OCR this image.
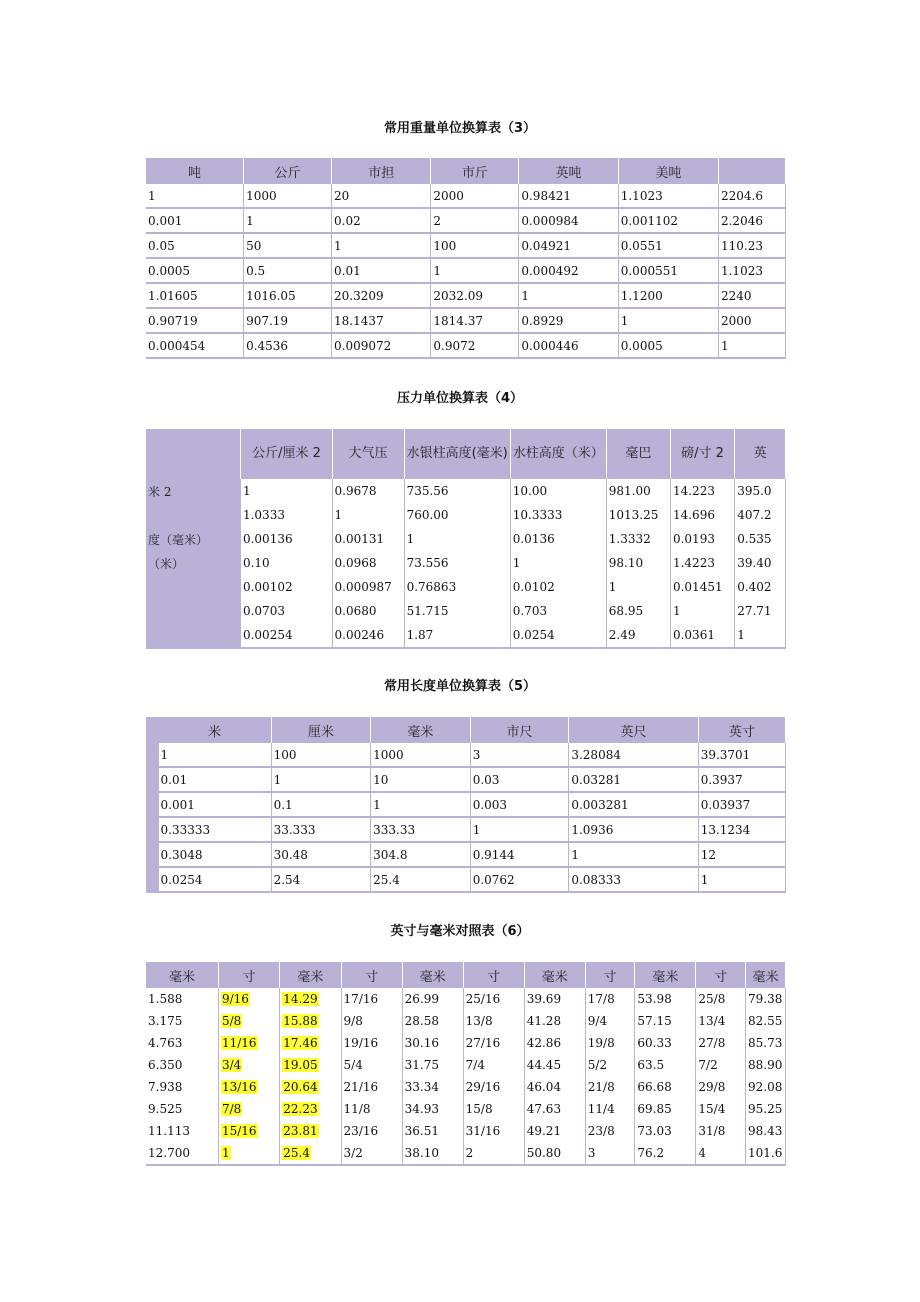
常用重量单位换算表（3）
吨	公斤	市担	市斤	英吨	美吨	
1	1000	20	2000	0.98421	1.1023	2204.6
0.001	1	0.02	2	0.000984	0.001102	2.2046
0.05	50	1	100	0.04921	0.0551	110.23
0.0005	0.5	0.01	1	0.000492	0.000551	1.1023
1.01605	1016.05	20.3209	2032.09	1	1.1200	2240
0.90719	907.19	18.1437	1814.37	0.8929	1	2000
0.000454	0.4536	0.009072	0.9072	0.000446	0.0005	1
压力单位换算表（4）
	公斤/厘米 2	大气压	水银柱高度(毫米)	水柱高度（米）	毫巴	磅/寸 2	英
米 2	1	0.9678	735.56	10.00	981.00	14.223	395.0
	1.0333	1	760.00	10.3333	1013.25	14.696	407.2
度（毫米）	0.00136	0.00131	1	0.0136	1.3332	0.0193	0.535
（米）	0.10	0.0968	73.556	1	98.10	1.4223	39.40
	0.00102	0.000987	0.76863	0.0102	1	0.01451	0.402
	0.0703	0.0680	51.715	0.703	68.95	1	27.71
	0.00254	0.00246	1.87	0.0254	2.49	0.0361	1
常用长度单位换算表（5）
	米	厘米	毫米	市尺	英尺	英寸
	1	100	1000	3	3.28084	39.3701
	0.01	1	10	0.03	0.03281	0.3937
	0.001	0.1	1	0.003	0.003281	0.03937
	0.33333	33.333	333.33	1	1.0936	13.1234
	0.3048	30.48	304.8	0.9144	1	12
	0.0254	2.54	25.4	0.0762	0.08333	1
英寸与毫米对照表（6）
毫米	寸	毫米	寸	毫米	寸	毫米	寸	毫米	寸	毫米
1.588	9/16	14.29	17/16	26.99	25/16	39.69	17/8	53.98	25/8	79.38
3.175	5/8	15.88	9/8	28.58	13/8	41.28	9/4	57.15	13/4	82.55
4.763	11/16	17.46	19/16	30.16	27/16	42.86	19/8	60.33	27/8	85.73
6.350	3/4	19.05	5/4	31.75	7/4	44.45	5/2	63.5	7/2	88.90
7.938	13/16	20.64	21/16	33.34	29/16	46.04	21/8	66.68	29/8	92.08
9.525	7/8	22.23	11/8	34.93	15/8	47.63	11/4	69.85	15/4	95.25
11.113	15/16	23.81	23/16	36.51	31/16	49.21	23/8	73.03	31/8	98.43
12.700	1	25.4	3/2	38.10	2	50.80	3	76.2	4	101.6
